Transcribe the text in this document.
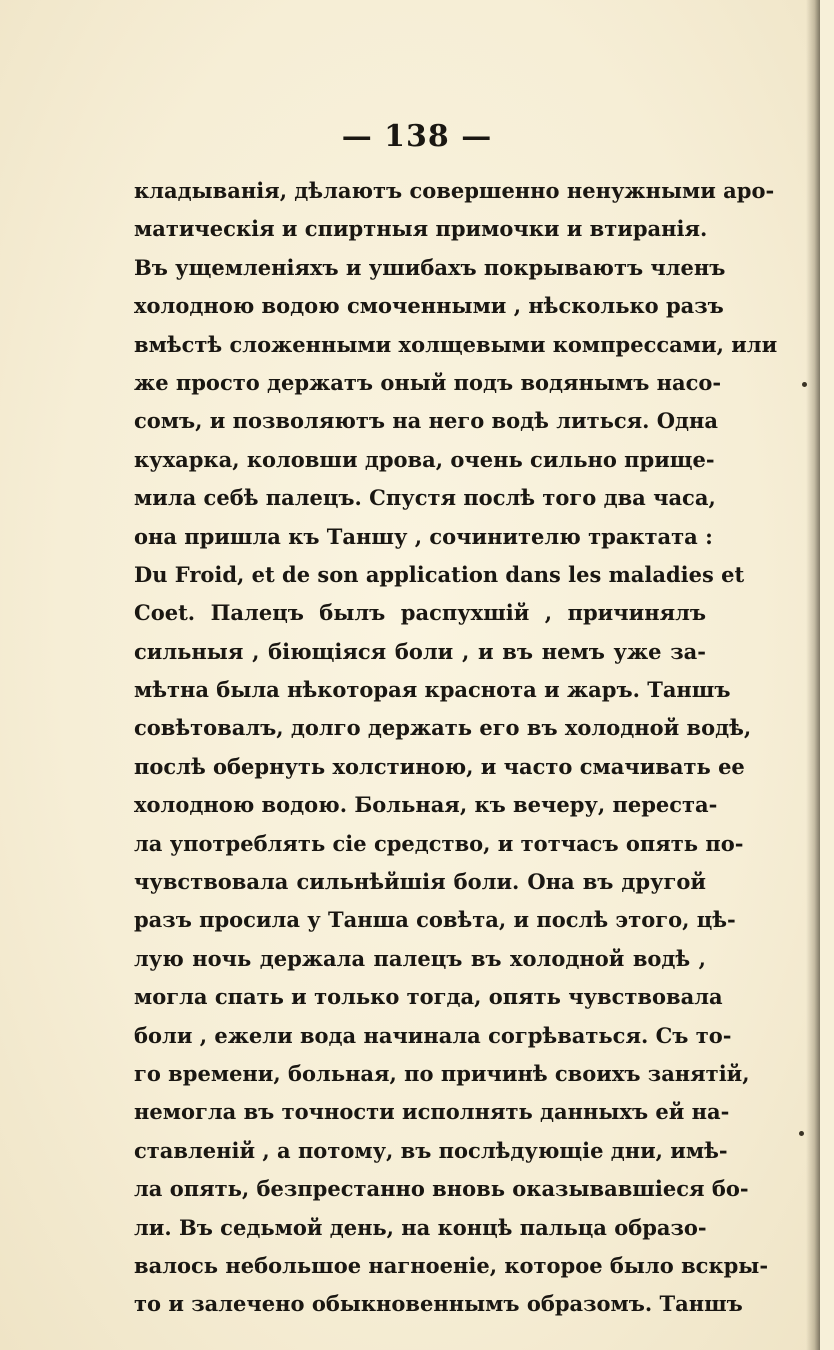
— 138 —
кладыванія, дѣлаютъ совершенно ненужными аро-
матическія и спиртныя примочки и втиранія.
Въ ущемленіяхъ и ушибахъ покрываютъ членъ
холодною водою смоченными , нѣсколько разъ
вмѣстѣ сложенными холщевыми компрессами, или
же просто держатъ оный подъ водянымъ насо-
сомъ, и позволяютъ на него водѣ литься. Одна
кухарка, коловши дрова, очень сильно прище-
мила себѣ палецъ. Спустя послѣ того два часа,
она пришла къ Таншу , сочинителю трактата :
Du Froid, et de son application dans les maladies et
Coet. Палецъ былъ распухшій , причинялъ
сильныя , біющіяся боли , и въ немъ уже за-
мѣтна была нѣкоторая краснота и жаръ. Таншъ
совѣтовалъ, долго держать его въ холодной водѣ,
послѣ обернуть холстиною, и часто смачивать ее
холодною водою. Больная, къ вечеру, переста-
ла употреблять сіе средство, и тотчасъ опять по-
чувствовала сильнѣйшія боли. Она въ другой
разъ просила у Танша совѣта, и послѣ этого, цѣ-
лую ночь держала палецъ въ холодной водѣ ,
могла спать и только тогда, опять чувствовала
боли , ежели вода начинала согрѣваться. Съ то-
го времени, больная, по причинѣ своихъ занятій,
немогла въ точности исполнять данныхъ ей на-
ставленій , а потому, въ послѣдующіе дни, имѣ-
ла опять, безпрестанно вновь оказывавшіеся бо-
ли. Въ седьмой день, на концѣ пальца образо-
валось небольшое нагноеніе, которое было вскры-
то и залечено обыкновеннымъ образомъ. Таншъ
